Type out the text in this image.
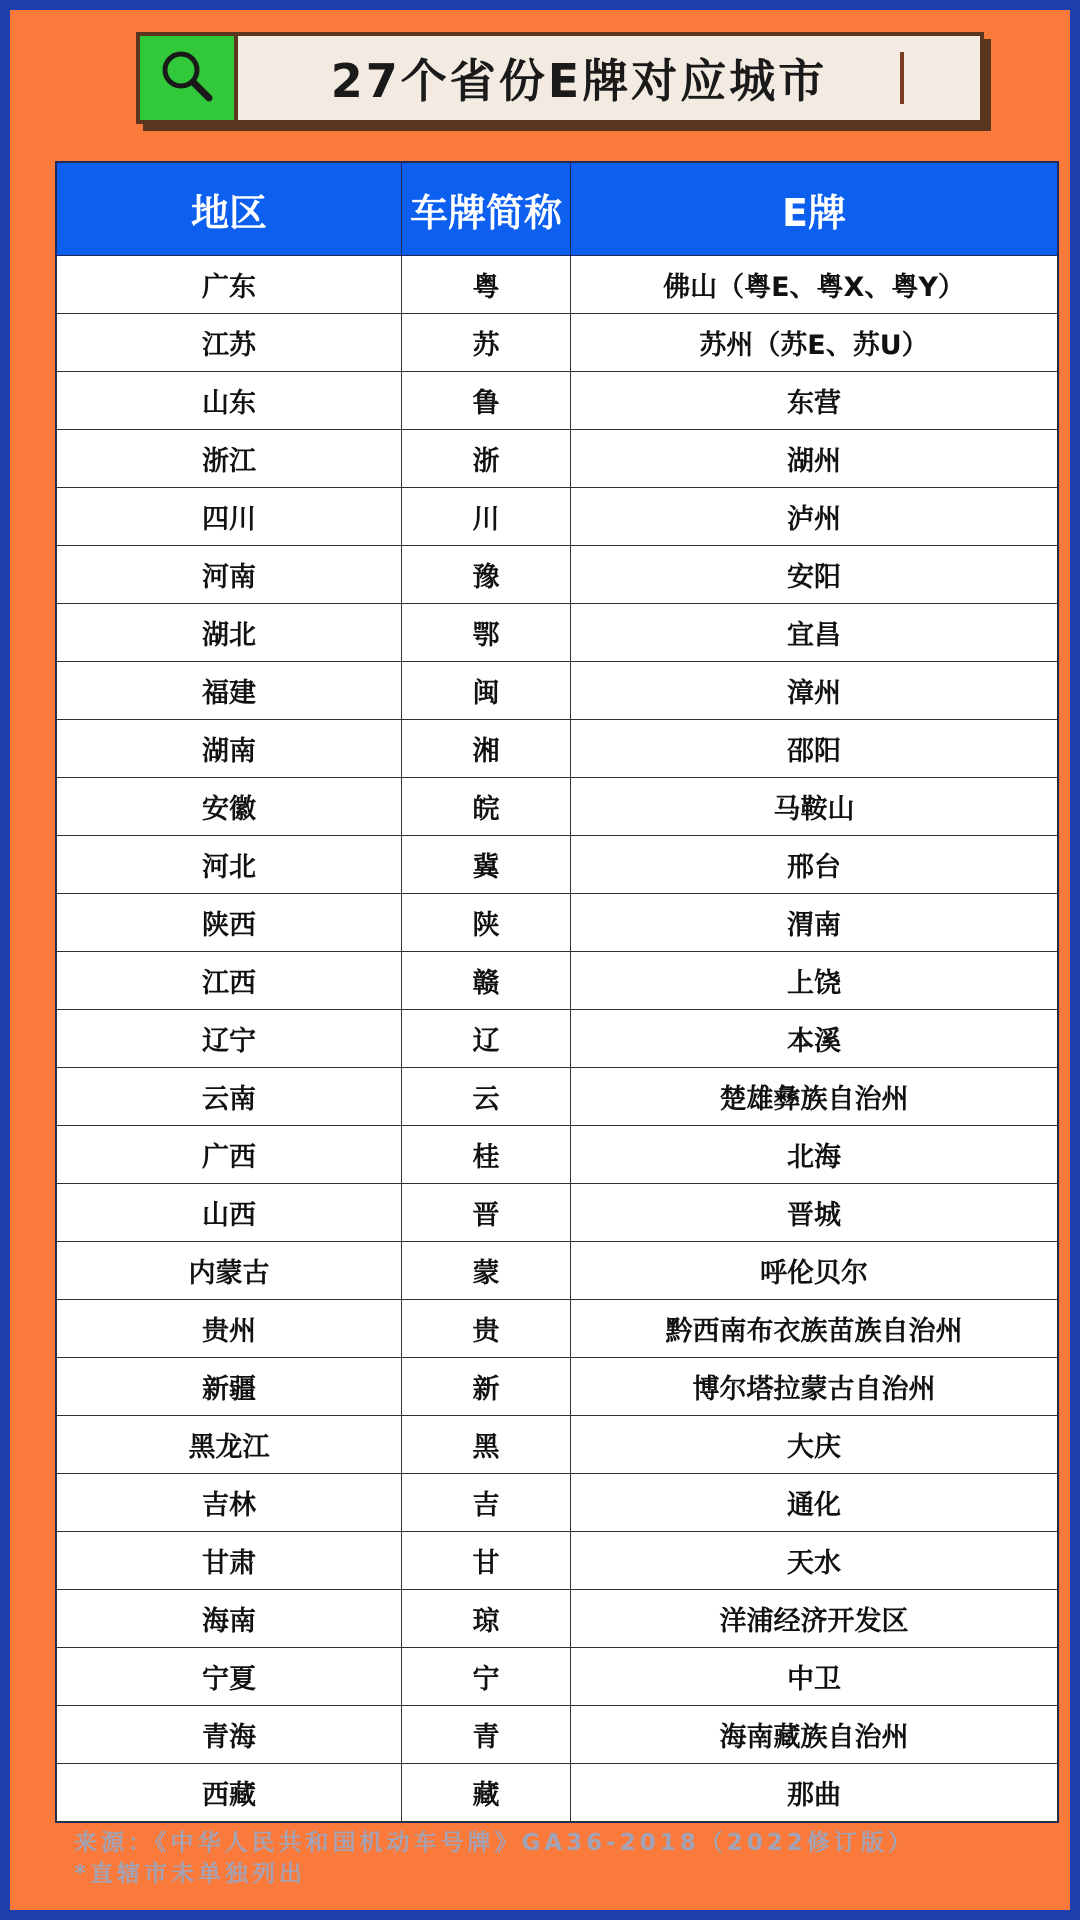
27个省份E牌对应城市
地区	车牌简称	E牌
广东	粤	佛山（粤E、粤X、粤Y）
江苏	苏	苏州（苏E、苏U）
山东	鲁	东营
浙江	浙	湖州
四川	川	泸州
河南	豫	安阳
湖北	鄂	宜昌
福建	闽	漳州
湖南	湘	邵阳
安徽	皖	马鞍山
河北	冀	邢台
陕西	陕	渭南
江西	赣	上饶
辽宁	辽	本溪
云南	云	楚雄彝族自治州
广西	桂	北海
山西	晋	晋城
内蒙古	蒙	呼伦贝尔
贵州	贵	黔西南布衣族苗族自治州
新疆	新	博尔塔拉蒙古自治州
黑龙江	黑	大庆
吉林	吉	通化
甘肃	甘	天水
海南	琼	洋浦经济开发区
宁夏	宁	中卫
青海	青	海南藏族自治州
西藏	藏	那曲
来源：《中华人民共和国机动车号牌》GA36-2018（2022修订版）
*直辖市未单独列出
